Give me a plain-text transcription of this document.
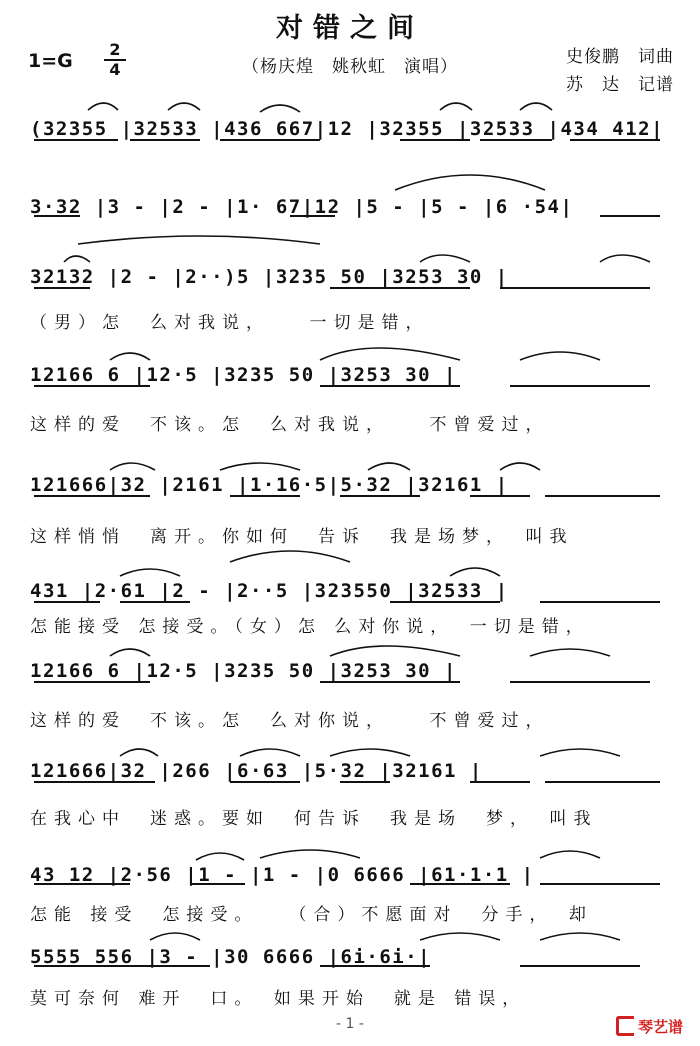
对错之间
1=G
2
4	（杨庆煌　姚秋虹　演唱）	史俊鹏　词曲
苏　达　记谱
(32355 |32533 |436 667|12 |32355 |32533 |434 412|
3·32 |3 - |2 - |1· 67|12 |5 - |5 - |6 ·54|
32132 |2 - |2··)5 |3235 50 |3253 30 |
（男）怎　么对我说，　　一切是错，
12166 6 |12·5 |3235 50 |3253 30 |
这样的爱　不该。怎　么对我说，　　不曾爱过，
121666|32 |2161 |1·16·5|5·32 |32161 |
这样悄悄　离开。你如何　告诉　我是场梦，　叫我
431 |2·61 |2 - |2··5 |323550 |32533 |
怎能接受 怎接受。（女）怎 么对你说，　一切是错，
12166 6 |12·5 |3235 50 |3253 30 |
这样的爱　不该。怎　么对你说，　　不曾爱过，
121666|32 |266 |6·63 |5·32 |32161 |
在我心中　迷惑。要如　何告诉　我是场　梦，　叫我
43 12 |2·56 |1 - |1 - |0 6666 |61·1·1 |
怎能 接受　怎接受。　　（合）不愿面对　分手，　却
5555 556 |3 - |30 6666 |6i·6i·|
莫可奈何 难开　口。　如果开始　就是 错误，
- 1 -	琴艺谱
